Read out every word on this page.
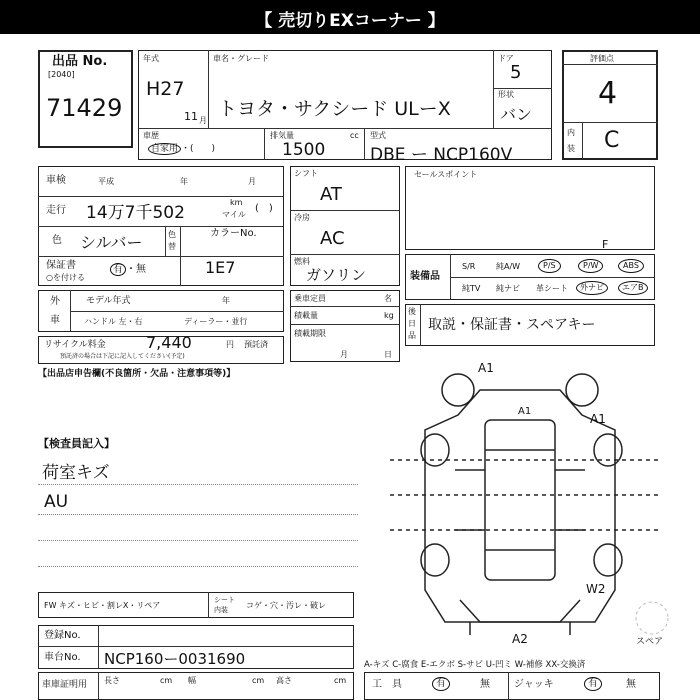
【 売切りEXコーナー 】
出品 No.
[2040]
71429
年式
H27
11 月
車名・グレード
トヨタ・サクシード ULーX
ドア
5
形状
バン
車歴
自家用 ・(　　)
排気量	cc
1500
型式
DBE ー NCP160V
評価点
4
内
装 C
車検	平成	年	月
走行 14万7千502
km
マイル
(　)
色 シルバー	色
替
カラーNo.
1E7
保証書
○を付ける
有 ・無
シフト
AT
冷房
AC
燃料
ガソリン
セールスポイント
装備品
S/R	純A/W	P/S	P/W	ABS
純TV 純ナビ 革シート	外ナビ	エアB
F
外
車
モデル年式	年
ハンドル 左・右	ディーラー・並行
乗車定員	名
積載量	kg
積載期限
月	日
後
日
品
取説・保証書・スペアキー
リサイクル料金	7,440	円 預託済
預託済の場合は下記に記入してください(予定)
【出品店申告欄(不良箇所・欠品・注意事項等)】
【検査員記入】
荷室キズ
AU
FW キズ・ヒビ・割レX・リペア
シート
内装 コゲ・穴・汚レ・破レ
登録No.
車台No. NCP160ー0031690
車庫証明用 長さ	cm 幅	cm 高さ	cm
A-キズ C-腐食 E-エクボ S-サビ U-凹ミ W-補修 XX-交換済
工具	有	無 ジャッキ	有	無
A1
A1
A1
W2
A2	スペア
